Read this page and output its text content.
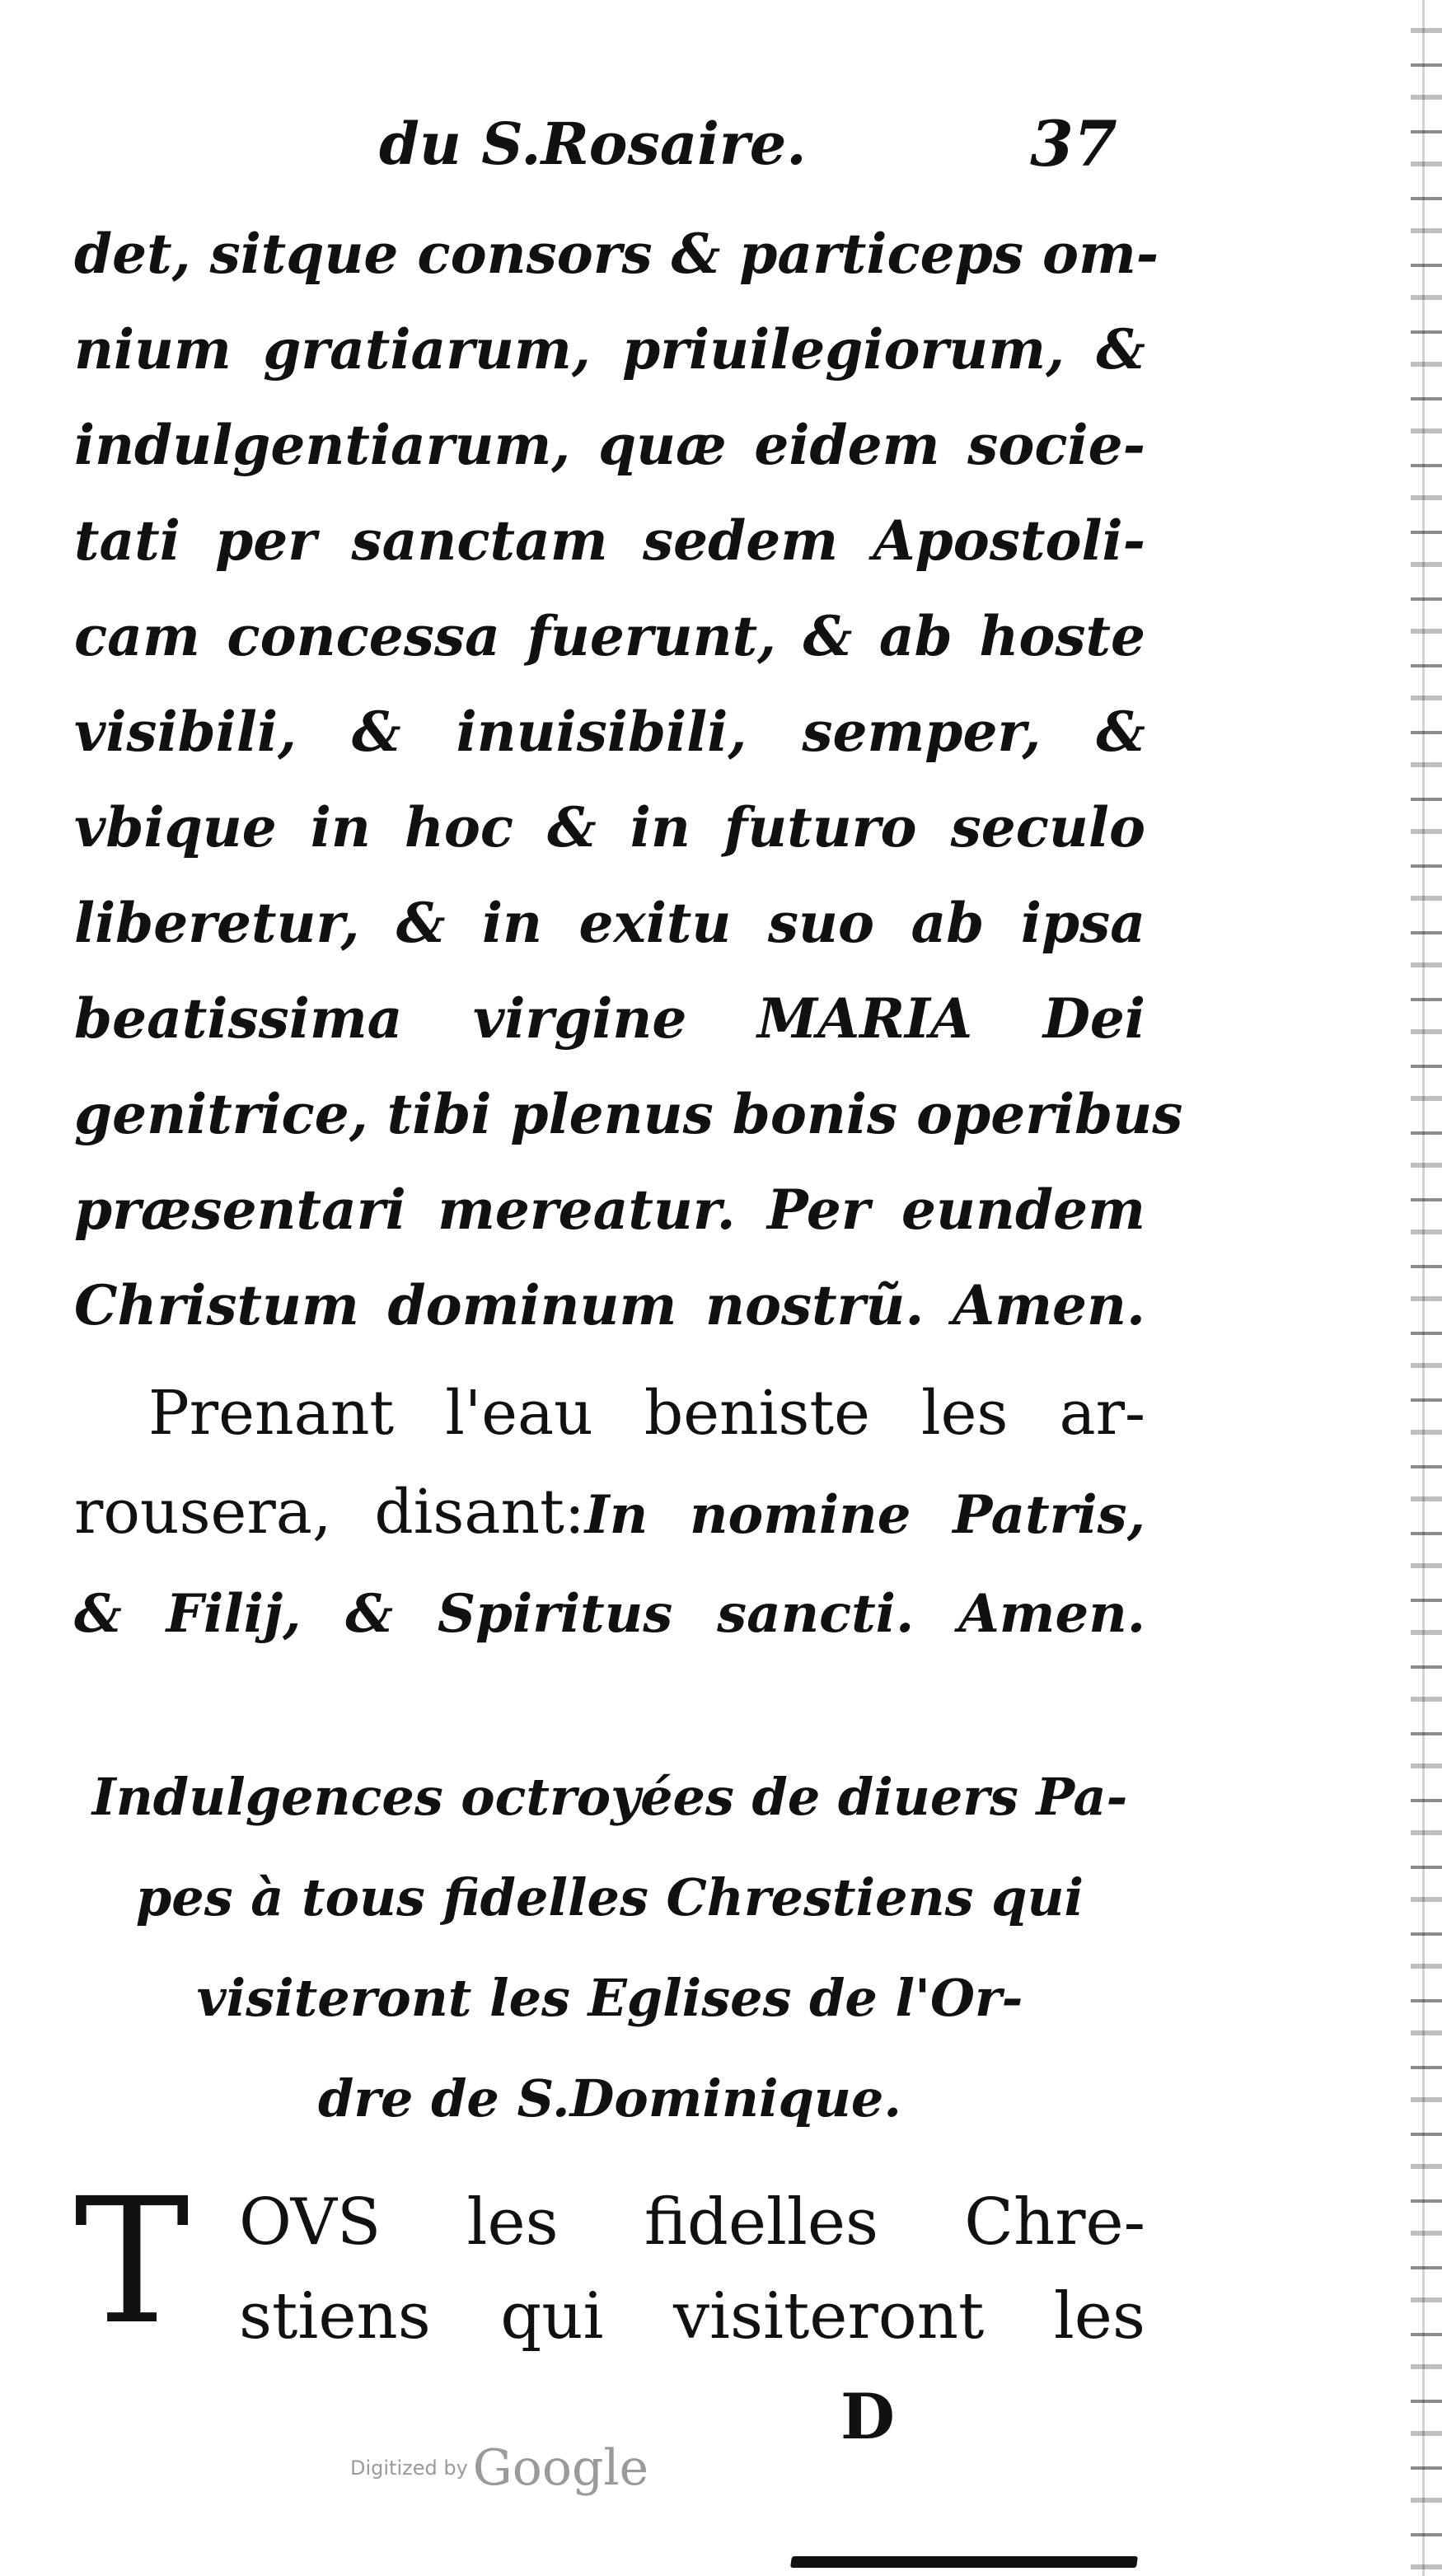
du S.Rosaire.	37
det, sitque consors & particeps om-
nium gratiarum, priuilegiorum, &
indulgentiarum, quæ eidem socie-
tati per sanctam sedem Apostoli-
cam concessa fuerunt, & ab hoste
visibili, & inuisibili, semper, &
vbique in hoc & in futuro seculo
liberetur, & in exitu suo ab ipsa
beatissima virgine MARIA Dei
genitrice, tibi plenus bonis operibus
præsentari mereatur. Per eundem
Christum dominum nostrũ. Amen.
Prenant l'eau beniste les ar-
rousera, disant:In nomine Patris,
& Filij, & Spiritus sancti. Amen.
Indulgences octroyées de diuers Pa-
pes à tous fidelles Chrestiens qui
visiteront les Eglises de l'Or-
dre de S.Dominique.
T OVS les fidelles Chre-
stiens qui visiteront les
D
Digitized by Google
